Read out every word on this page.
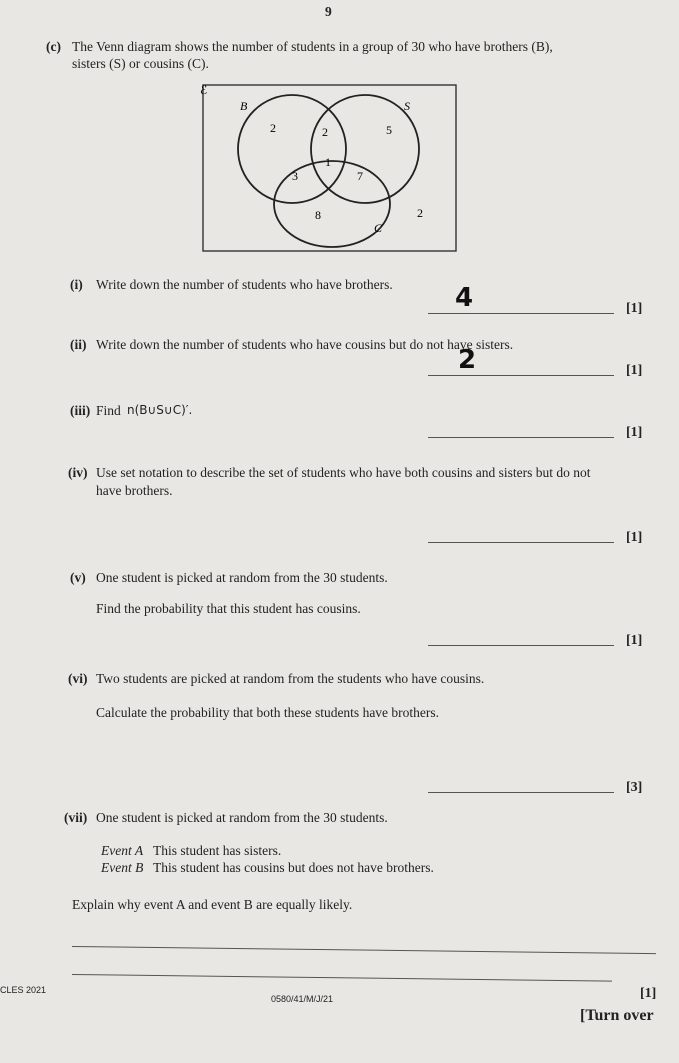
9
(c) The Venn diagram shows the number of students in a group of 30 who have brothers (B),
sisters (S) or cousins (C).
ℰ
B	S
C
2	2	5
1
3	7
8	2
(i) Write down the number of students who have brothers. 4	[1]
(ii) Write down the number of students who have cousins but do not have sisters.
2	[1]
(iii) Find n(B∪S∪C)′.
[1]
(iv) Use set notation to describe the set of students who have both cousins and sisters but do not
have brothers.
[1]
(v) One student is picked at random from the 30 students.
Find the probability that this student has cousins.
[1]
(vi) Two students are picked at random from the students who have cousins.
Calculate the probability that both these students have brothers.
[3]
(vii) One student is picked at random from the 30 students.
Event A This student has sisters.
Event B This student has cousins but does not have brothers.
Explain why event A and event B are equally likely.
[1]
CLES 2021
0580/41/M/J/21
[Turn over
